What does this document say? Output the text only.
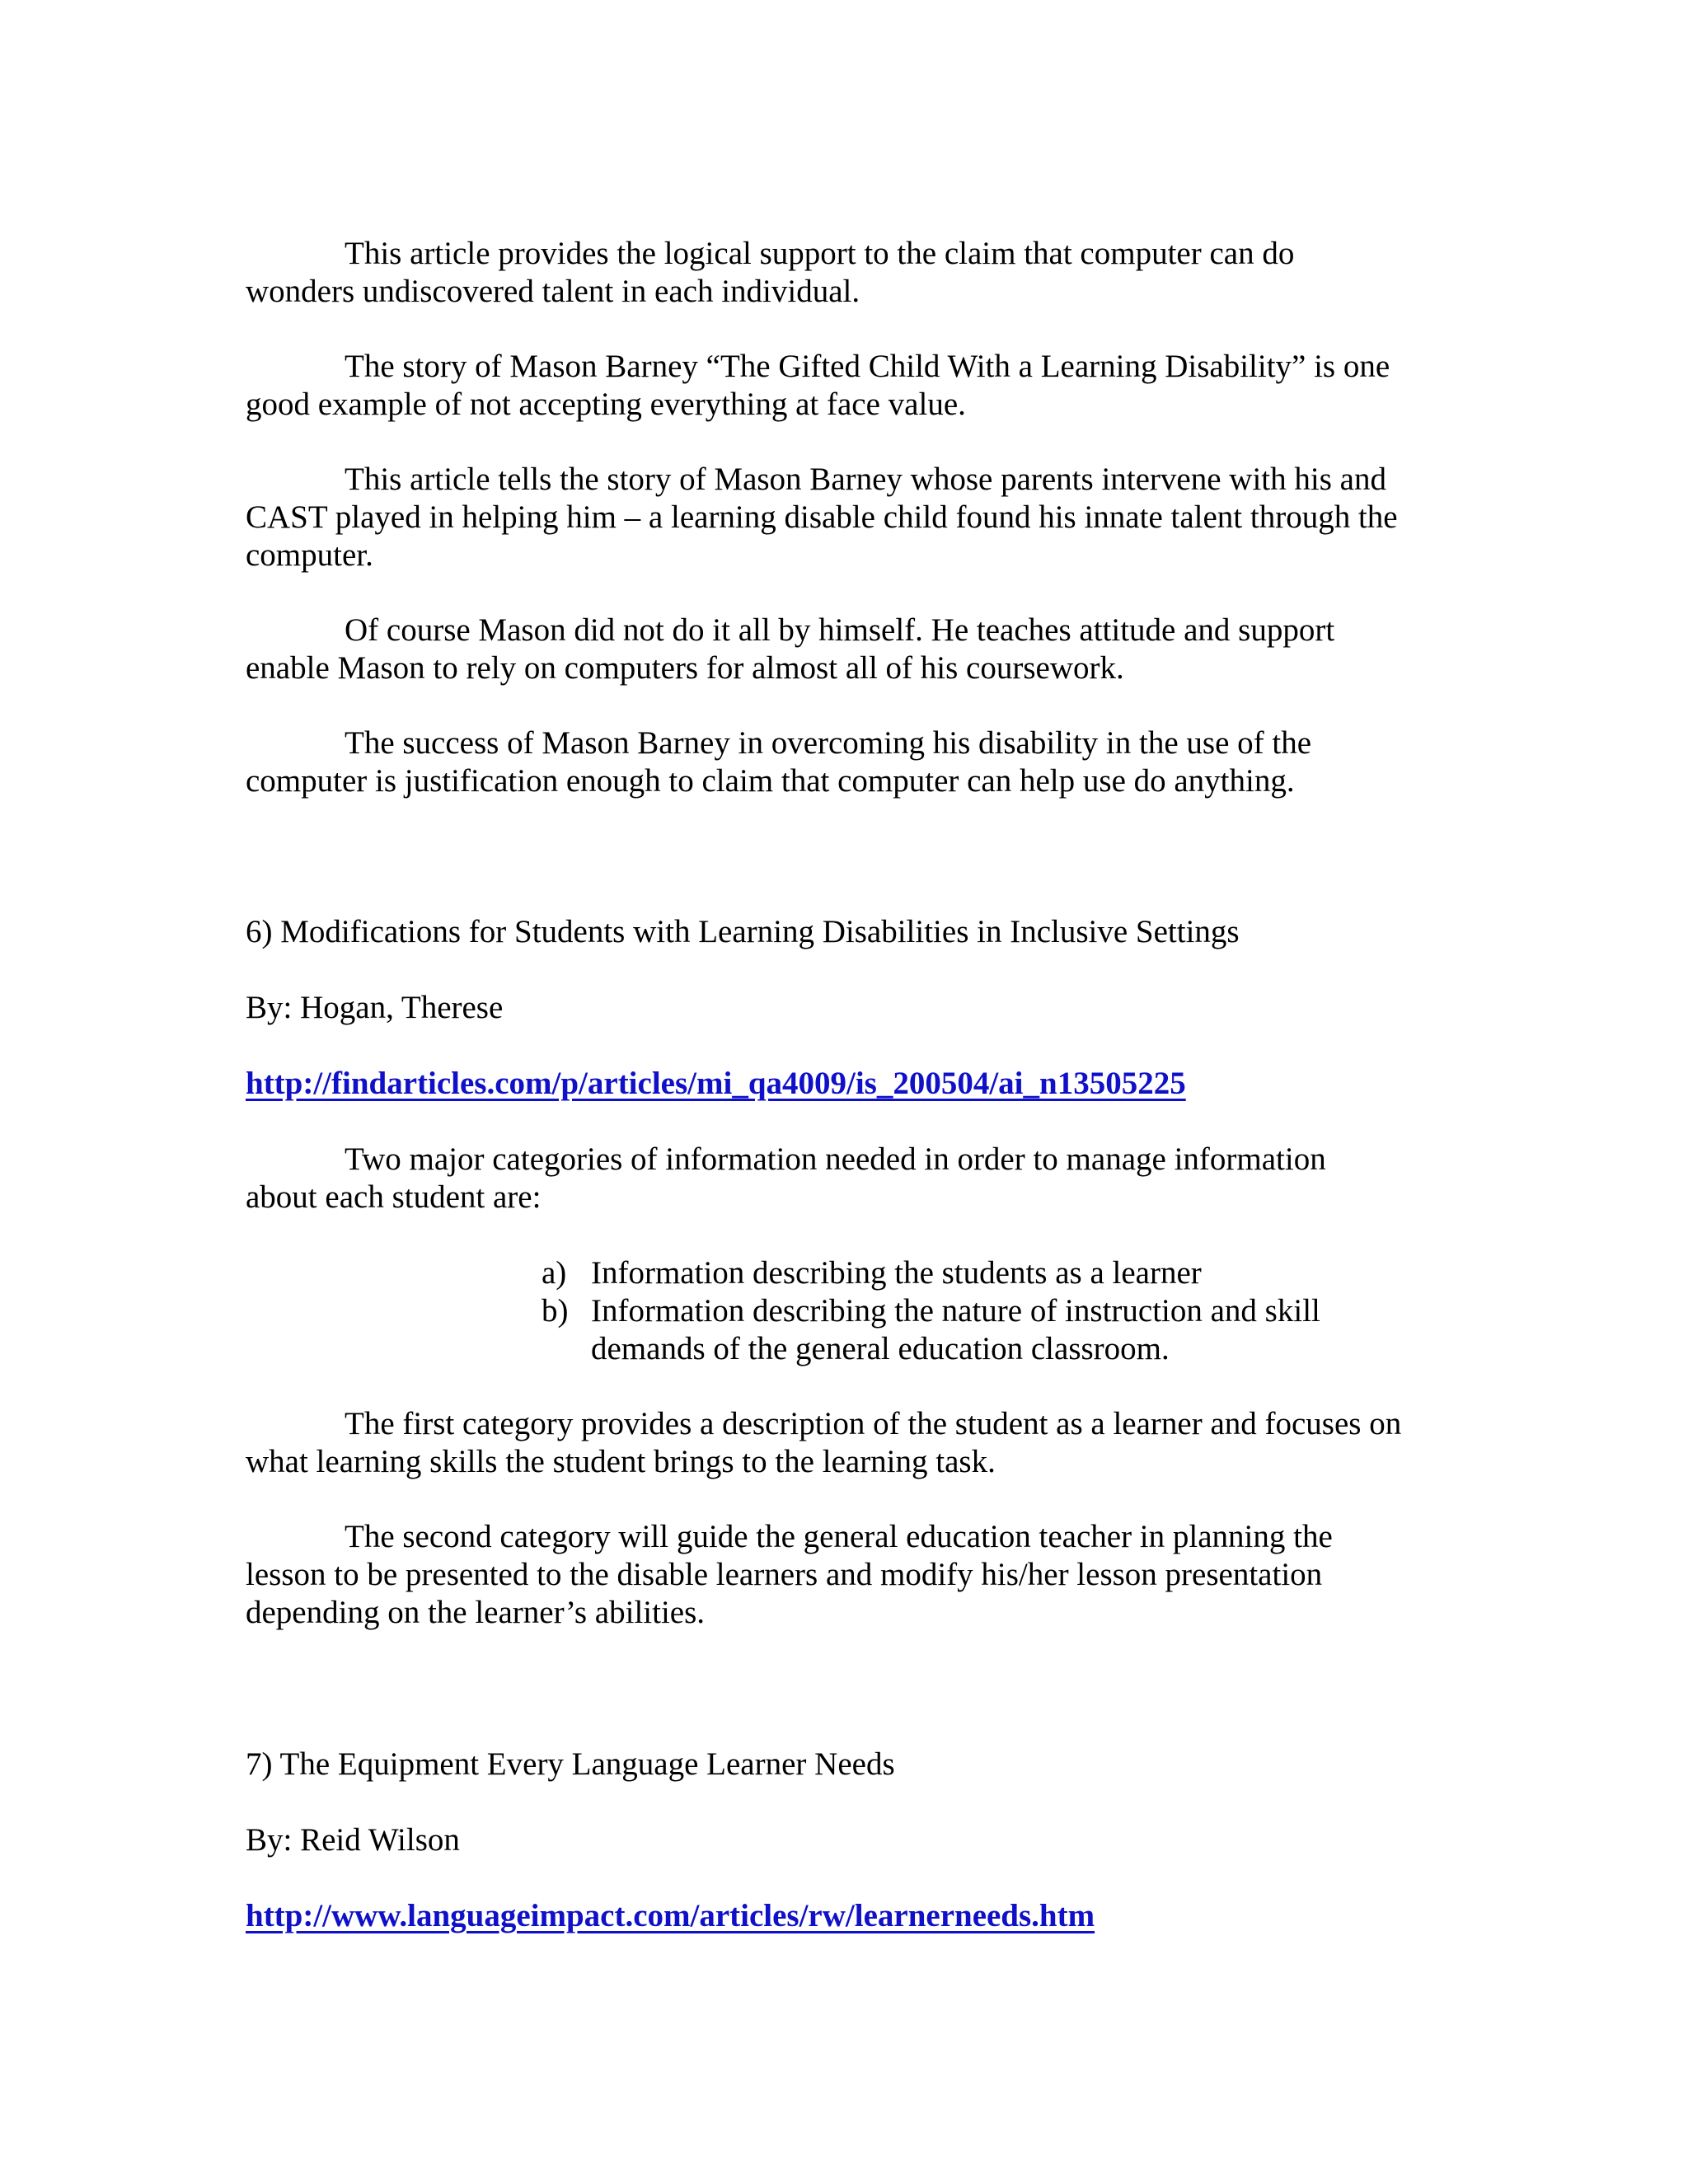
This article provides the logical support to the claim that computer can do

wonders undiscovered talent in each individual.

The story of Mason Barney “The Gifted Child With a Learning Disability” is one

good example of not accepting everything at face value.

This article tells the story of Mason Barney whose parents intervene with his and

CAST played in helping him – a learning disable child found his innate talent through the

computer.

Of course Mason did not do it all by himself. He teaches attitude and support

enable Mason to rely on computers for almost all of his coursework.

The success of Mason Barney in overcoming his disability in the use of the

computer is justification enough to claim that computer can help use do anything.

6) Modifications for Students with Learning Disabilities in Inclusive Settings

By: Hogan, Therese

http://findarticles.com/p/articles/mi_qa4009/is_200504/ai_n13505225

Two major categories of information needed in order to manage information

about each student are:

a) Information describing the students as a learner

b) Information describing the nature of instruction and skill

demands of the general education classroom.

The first category provides a description of the student as a learner and focuses on

what learning skills the student brings to the learning task.

The second category will guide the general education teacher in planning the

lesson to be presented to the disable learners and modify his/her lesson presentation

depending on the learner’s abilities.

7) The Equipment Every Language Learner Needs

By: Reid Wilson

http://www.languageimpact.com/articles/rw/learnerneeds.htm
